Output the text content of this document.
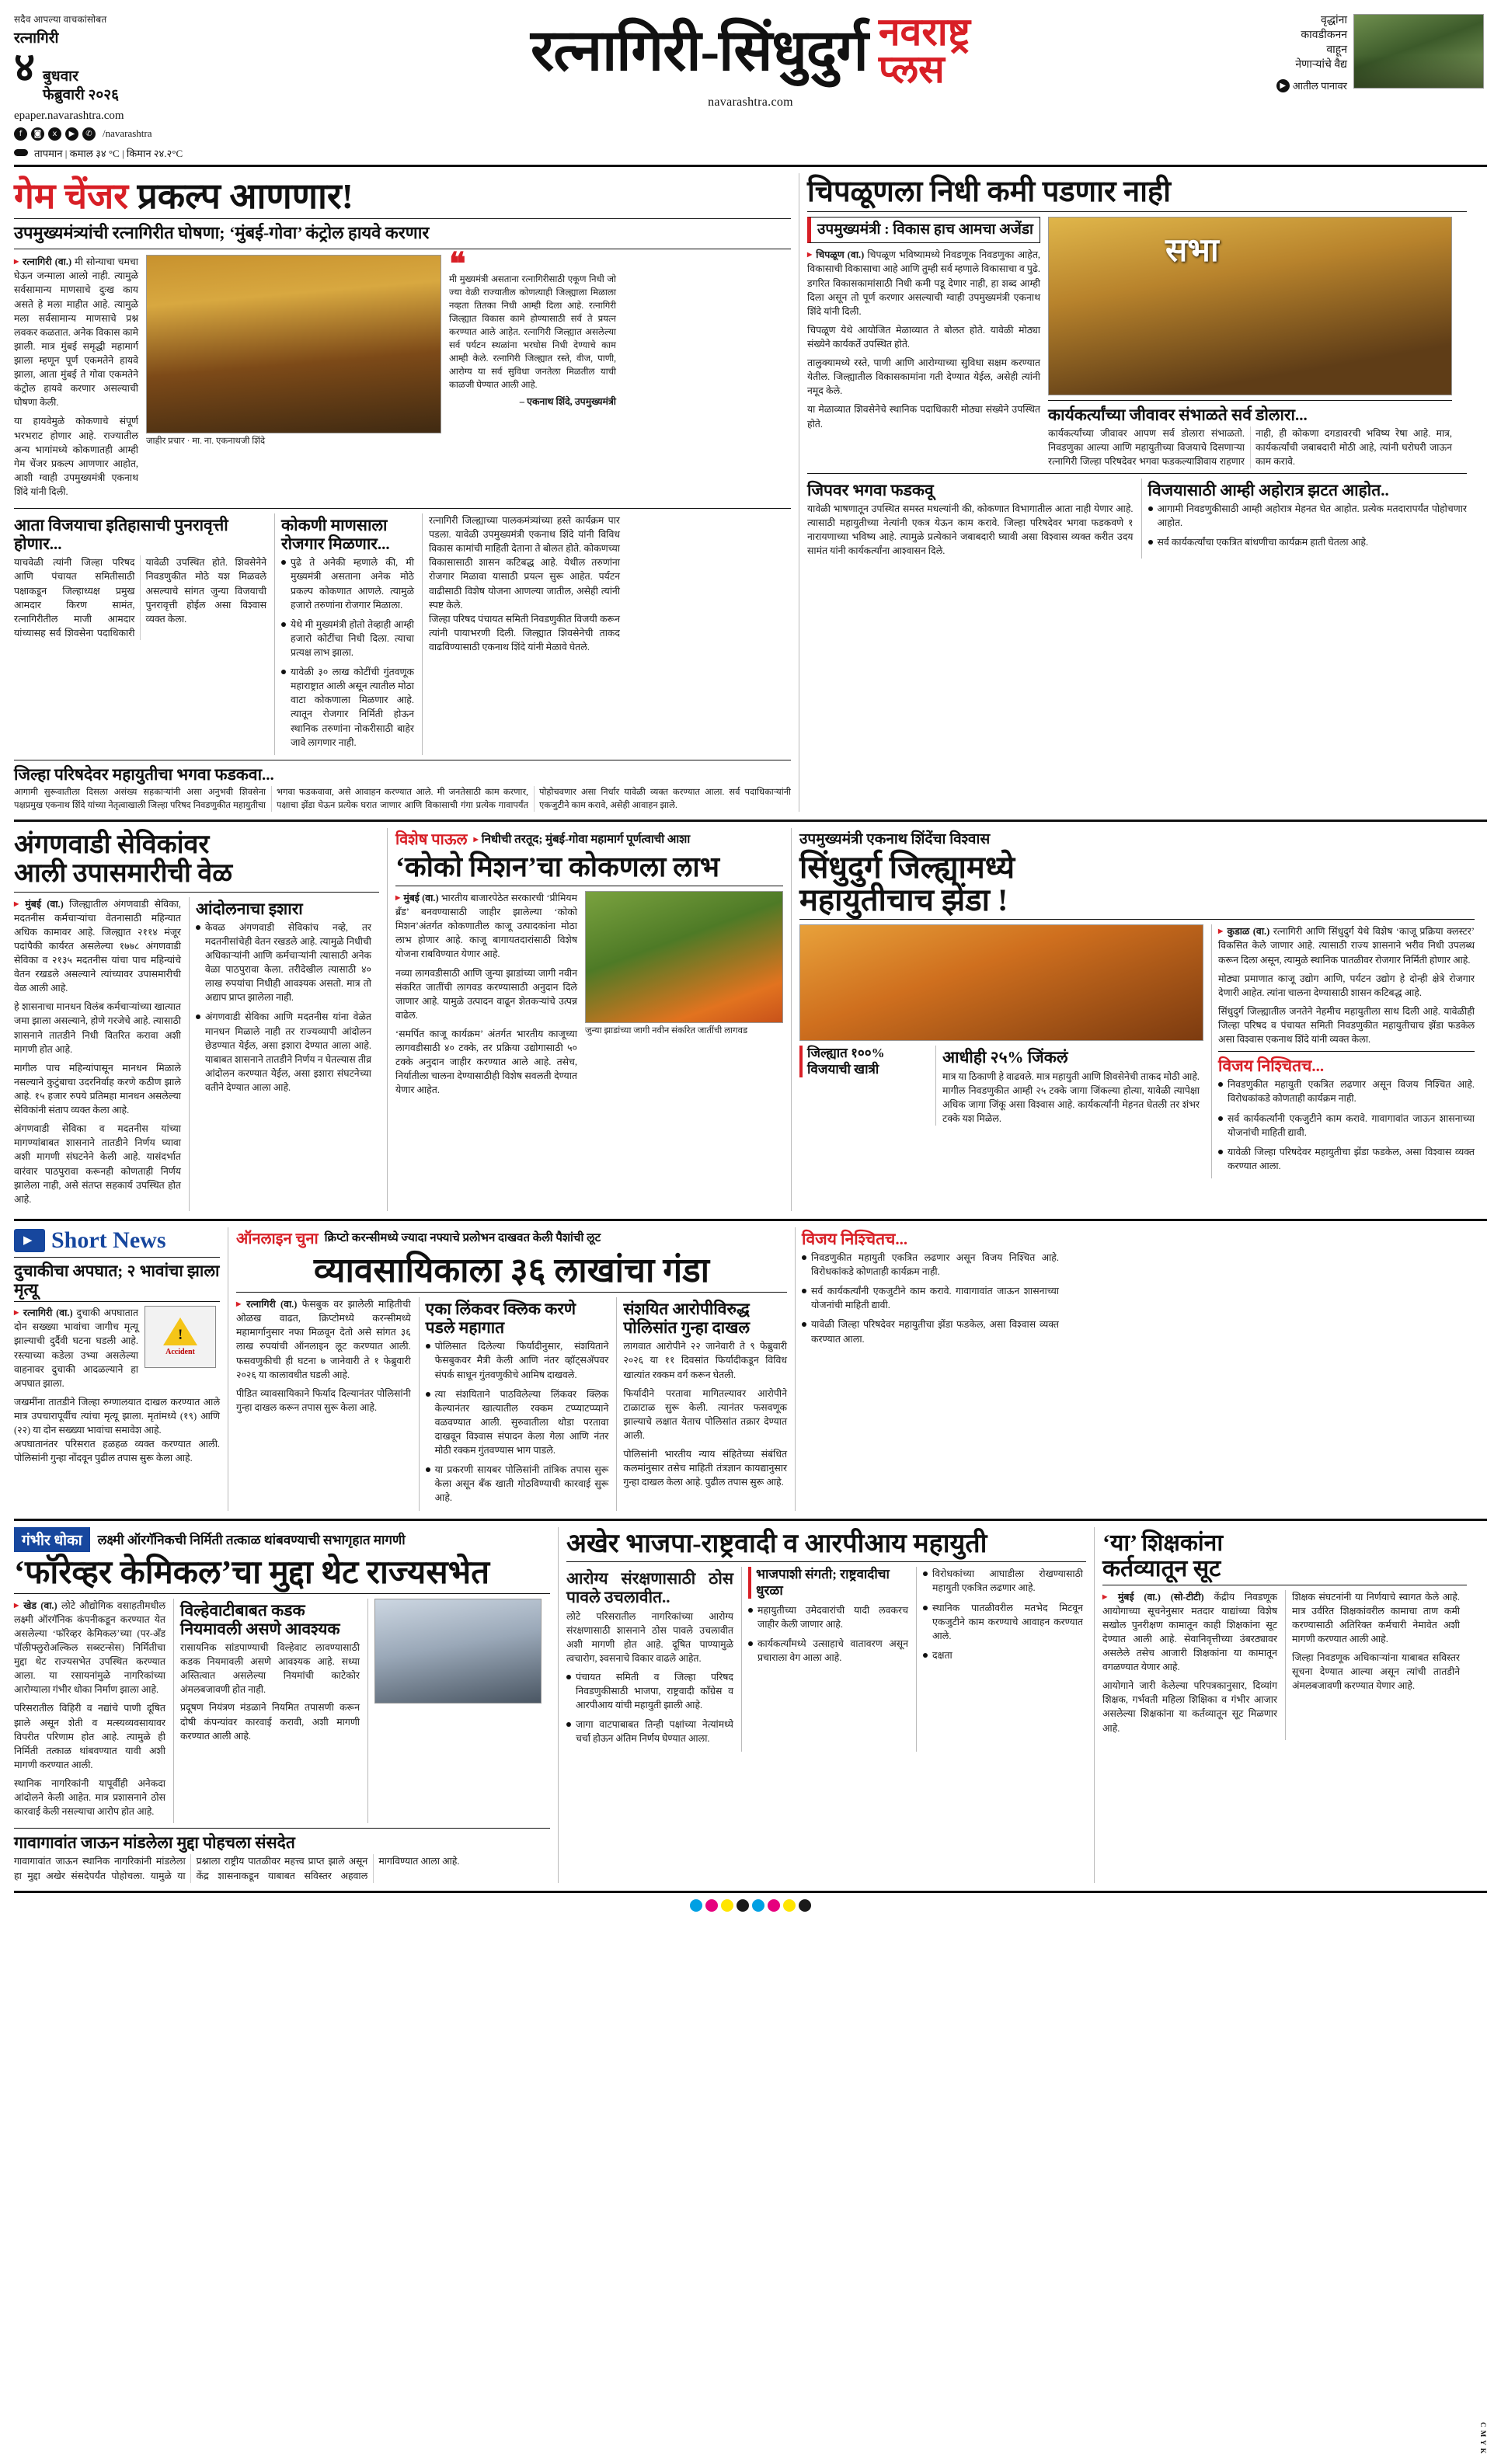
सदैव आपल्या वाचकांसोबत
रत्नागिरी
४ बुधवार
फेब्रुवारी २०२६
epaper.navarashtra.com
f	◙	x	▶	✆	/navarashtra
तापमान | कमाल ३४ °C | किमान २४.२°C
रत्नागिरी-सिंधुदुर्ग नवराष्ट्र
प्लस
navarashtra.com
वृद्धांना
कावडीकनन
वाहून
नेणाऱ्यांचे वैद्य
▶ आतील पानावर
गेम चेंजर प्रकल्प आणणार!
उपमुख्यमंत्र्यांची रत्नागिरीत घोषणा; ‘मुंबई-गोवा’ कंट्रोल हायवे करणार

▶ रत्नागिरी (वा.) मी सोन्याचा चमचा घेऊन जन्माला आलो नाही. त्यामुळे सर्वसामान्य माणसाचे दुःख काय असते हे मला माहीत आहे. त्यामुळे मला सर्वसामान्य माणसाचे प्रश्न लवकर कळतात. अनेक विकास कामे झाली. मात्र मुंबई समृद्धी महामार्ग झाला म्हणून पूर्ण एकमतेने हायवे झाला, आता मुंबई ते गोवा एकमतेने कंट्रोल हायवे करणार असल्याची घोषणा केली.

या हायवेमुळे कोकणाचे संपूर्ण भरभराट होणार आहे. राज्यातील अन्य भागांमध्ये कोकणातही आम्ही गेम चेंजर प्रकल्प आणणार आहोत, आशी ग्वाही उपमुख्यमंत्री एकनाथ शिंदे यांनी दिली.

जाहीर प्रचार · मा. ना. एकनाथजी शिंदे
❝
मी मुख्यमंत्री असताना रत्नागिरीसाठी एकूण निधी जो ज्या वेळी राज्यातील कोणत्याही जिल्ह्याला मिळाला नव्हता तितका निधी आम्ही दिला आहे. रत्नागिरी जिल्ह्यात विकास कामे होण्यासाठी सर्व ते प्रयत्न करण्यात आले आहेत. रत्नागिरी जिल्ह्यात असलेल्या सर्व पर्यटन स्थळांना भरघोस निधी देण्याचे काम आम्ही केले. रत्नागिरी जिल्ह्यात रस्ते, वीज, पाणी, आरोग्य या सर्व सुविधा जनतेला मिळतील याची काळजी घेण्यात आली आहे.
– एकनाथ शिंदे, उपमुख्यमंत्री
आता विजयाचा इतिहासाची पुनरावृत्ती होणार...
याचवेळी त्यांनी जिल्हा परिषद आणि पंचायत समितीसाठी पक्षाकडून जिल्हाध्यक्ष प्रमुख आमदार किरण सामंत, रत्नागिरीतील माजी आमदार यांच्यासह सर्व शिवसेना पदाधिकारी यावेळी उपस्थित होते. शिवसेनेने निवडणुकीत मोठे यश मिळवले असल्याचे सांगत जुन्या विजयाची पुनरावृत्ती होईल असा विश्वास व्यक्त केला.
कोकणी माणसाला रोजगार मिळणार...
पुढे ते अनेकी म्हणाले की, मी मुख्यमंत्री असताना अनेक मोठे प्रकल्प कोकणात आणले. त्यामुळे हजारो तरुणांना रोजगार मिळाला.
येथे मी मुख्यमंत्री होतो तेव्हाही आम्ही हजारो कोटींचा निधी दिला. त्याचा प्रत्यक्ष लाभ झाला.
यावेळी ३० लाख कोटींची गुंतवणूक महाराष्ट्रात आली असून त्यातील मोठा वाटा कोकणाला मिळणार आहे. त्यातून रोजगार निर्मिती होऊन स्थानिक तरुणांना नोकरीसाठी बाहेर जावे लागणार नाही.
रत्नागिरी जिल्ह्याच्या पालकमंत्र्यांच्या हस्ते कार्यक्रम पार पडला. यावेळी उपमुख्यमंत्री एकनाथ शिंदे यांनी विविध विकास कामांची माहिती देताना ते बोलत होते. कोकणच्या विकासासाठी शासन कटिबद्ध आहे. येथील तरुणांना रोजगार मिळावा यासाठी प्रयत्न सुरू आहेत. पर्यटन वाढीसाठी विशेष योजना आणल्या जातील, असेही त्यांनी स्पष्ट केले.
जिल्हा परिषद पंचायत समिती निवडणुकीत विजयी करून त्यांनी पायाभरणी दिली. जिल्ह्यात शिवसेनेची ताकद वाढविण्यासाठी एकनाथ शिंदे यांनी मेळावे घेतले.
जिल्हा परिषदेवर महायुतीचा भगवा फडकवा...
आगामी सुरूवातीला दिसला असंख्य सहकाऱ्यांनी असा अनुभवी शिवसेना पक्षप्रमुख एकनाथ शिंदे यांच्या नेतृत्वाखाली जिल्हा परिषद निवडणुकीत महायुतीचा भगवा फडकवावा, असे आवाहन करण्यात आले. मी जनतेसाठी काम करणार, पक्षाचा झेंडा घेऊन प्रत्येक घरात जाणार आणि विकासाची गंगा प्रत्येक गावापर्यंत पोहोचवणार असा निर्धार यावेळी व्यक्त करण्यात आला. सर्व पदाधिकाऱ्यांनी एकजुटीने काम करावे, असेही आवाहन झाले.
चिपळूणला निधी कमी पडणार नाही
उपमुख्यमंत्री : विकास हाच आमचा अजेंडा

▶ चिपळूण (वा.) चिपळूण भविष्यामध्ये निवडणूक निवडणुका आहेत, विकासाची विकासाचा आहे आणि तुम्ही सर्व म्हणाले विकासाचा व पुढे. डगरित विकासकामांसाठी निधी कमी पडू देणार नाही, हा शब्द आम्ही दिला असून तो पूर्ण करणार असल्याची ग्वाही उपमुख्यमंत्री एकनाथ शिंदे यांनी दिली.

चिपळूण येथे आयोजित मेळाव्यात ते बोलत होते. यावेळी मोठ्या संख्येने कार्यकर्ते उपस्थित होते.

तालुक्यामध्ये रस्ते, पाणी आणि आरोग्याच्या सुविधा सक्षम करण्यात येतील. जिल्ह्यातील विकासकामांना गती देण्यात येईल, असेही त्यांनी नमूद केले.

या मेळाव्यात शिवसेनेचे स्थानिक पदाधिकारी मोठ्या संख्येने उपस्थित होते.

सभा
कार्यकर्त्यांच्या जीवावर संभाळते सर्व डोलारा...
कार्यकर्त्यांच्या जीवावर आपण सर्व डोलारा संभाळतो. निवडणुका आल्या आणि महायुतीच्या विजयाचे दिसणाऱ्या रत्नागिरी जिल्हा परिषदेवर भगवा फडकल्याशिवाय राहणार नाही, ही कोकणा दगडावरची भविष्य रेषा आहे. मात्र, कार्यकर्त्यांची जबाबदारी मोठी आहे, त्यांनी घरोघरी जाऊन काम करावे.
जिपवर भगवा फडकवू
यावेळी भाषणातून उपस्थित समस्त मधल्यांनी की, कोकणात विभागातील आता नाही येणार आहे. त्यासाठी महायुतीच्या नेत्यांनी एकत्र येऊन काम करावे. जिल्हा परिषदेवर भगवा फडकवणे १ नारायणाच्या भविष्य आहे. त्यामुळे प्रत्येकाने जबाबदारी घ्यावी असा विश्वास व्यक्त करीत उदय सामंत यांनी कार्यकर्त्यांना आश्वासन दिले.
विजयासाठी आम्ही अहोरात्र झटत आहोत..
आगामी निवडणुकीसाठी आम्ही अहोरात्र मेहनत घेत आहोत. प्रत्येक मतदारापर्यंत पोहोचणार आहोत.
सर्व कार्यकर्त्यांचा एकत्रित बांधणीचा कार्यक्रम हाती घेतला आहे.
अंगणवाडी सेविकांवर
आली उपासमारीची वेळ

▶ मुंबई (वा.) जिल्ह्यातील अंगणवाडी सेविका, मदतनीस कर्मचाऱ्यांचा वेतनासाठी महिन्यात अधिक कामावर आहे. जिल्ह्यात २११४ मंजूर पदांपैकी कार्यरत असलेल्या १७७८ अंगणवाडी सेविका व २१३५ मदतनीस यांचा पाच महिन्यांचे वेतन रखडले असल्याने त्यांच्यावर उपासमारीची वेळ आली आहे.

हे शासनाचा मानधन विलंब कर्मचाऱ्यांच्या खात्यात जमा झाला असल्याने, होणे गरजेचे आहे. त्यासाठी शासनाने तातडीने निधी वितरित करावा अशी मागणी होत आहे.

मागील पाच महिन्यांपासून मानधन मिळाले नसल्याने कुटुंबाचा उदरनिर्वाह करणे कठीण झाले आहे. १५ हजार रुपये प्रतिमहा मानधन असलेल्या सेविकांनी संताप व्यक्त केला आहे.

अंगणवाडी सेविका व मदतनीस यांच्या मागण्यांबाबत शासनाने तातडीने निर्णय घ्यावा अशी मागणी संघटनेने केली आहे. यासंदर्भात वारंवार पाठपुरावा करूनही कोणताही निर्णय झालेला नाही, असे संतप्त सहकार्य उपस्थित होत आहे.

आंदोलनाचा इशारा
केवळ अंगणवाडी सेविकांच नव्हे, तर मदतनीसांचेही वेतन रखडले आहे. त्यामुळे निधीची अधिकाऱ्यांनी आणि कर्मचाऱ्यांनी त्यासाठी अनेक वेळा पाठपुरावा केला. तरीदेखील त्यासाठी ४० लाख रुपयांचा निधीही आवश्यक असतो. मात्र तो अद्याप प्राप्त झालेला नाही.
अंगणवाडी सेविका आणि मदतनीस यांना वेळेत मानधन मिळाले नाही तर राज्यव्यापी आंदोलन छेडण्यात येईल, असा इशारा देण्यात आला आहे. याबाबत शासनाने तातडीने निर्णय न घेतल्यास तीव्र आंदोलन करण्यात येईल, असा इशारा संघटनेच्या वतीने देण्यात आला आहे.
विशेष पाऊल	▶ निधीची तरतूद; मुंबई-गोवा महामार्ग पूर्णत्वाची आशा
‘कोको मिशन’चा कोकणला लाभ

▶ मुंबई (वा.) भारतीय बाजारपेठेत सरकारची ‘प्रीमियम ब्रँड’ बनवण्यासाठी जाहीर झालेल्या ‘कोको मिशन’अंतर्गत कोकणातील काजू उत्पादकांना मोठा लाभ होणार आहे. काजू बागायतदारांसाठी विशेष योजना राबविण्यात येणार आहे.

नव्या लागवडीसाठी आणि जुन्या झाडांच्या जागी नवीन संकरित जातींची लागवड करण्यासाठी अनुदान दिले जाणार आहे. यामुळे उत्पादन वाढून शेतकऱ्यांचे उत्पन्न वाढेल.

‘समर्पित काजू कार्यक्रम’ अंतर्गत भारतीय काजूच्या लागवडीसाठी ४० टक्के, तर प्रक्रिया उद्योगासाठी ५० टक्के अनुदान जाहीर करण्यात आले आहे. तसेच, निर्यातीला चालना देण्यासाठीही विशेष सवलती देण्यात येणार आहेत.

जुन्या झाडांच्या जागी नवीन संकरित जातींची लागवड
उपमुख्यमंत्री एकनाथ शिंदेंचा विश्वास
सिंधुदुर्ग जिल्ह्यामध्ये
महायुतीचाच झेंडा !
जिल्ह्यात १००% विजयाची खात्री
आधीही २५% जिंकलं
मात्र या ठिकाणी हे वाढवले. मात्र महायुती आणि शिवसेनेची ताकद मोठी आहे. मागील निवडणुकीत आम्ही २५ टक्के जागा जिंकल्या होत्या, यावेळी त्यापेक्षा अधिक जागा जिंकू असा विश्वास आहे. कार्यकर्त्यांनी मेहनत घेतली तर शंभर टक्के यश मिळेल.

▶ कुडाळ (वा.) रत्नागिरी आणि सिंधुदुर्ग येथे विशेष ‘काजू प्रक्रिया क्लस्टर’ विकसित केले जाणार आहे. त्यासाठी राज्य शासनाने भरीव निधी उपलब्ध करून दिला असून, त्यामुळे स्थानिक पातळीवर रोजगार निर्मिती होणार आहे.

मोठ्या प्रमाणात काजू उद्योग आणि, पर्यटन उद्योग हे दोन्ही क्षेत्रे रोजगार देणारी आहेत. त्यांना चालना देण्यासाठी शासन कटिबद्ध आहे.

सिंधुदुर्ग जिल्ह्यातील जनतेने नेहमीच महायुतीला साथ दिली आहे. यावेळीही जिल्हा परिषद व पंचायत समिती निवडणुकीत महायुतीचाच झेंडा फडकेल असा विश्वास एकनाथ शिंदे यांनी व्यक्त केला.

विजय निश्चितच...
निवडणुकीत महायुती एकत्रित लढणार असून विजय निश्चित आहे. विरोधकांकडे कोणताही कार्यक्रम नाही.
सर्व कार्यकर्त्यांनी एकजुटीने काम करावे. गावागावांत जाऊन शासनाच्या योजनांची माहिती द्यावी.
यावेळी जिल्हा परिषदेवर महायुतीचा झेंडा फडकेल, असा विश्वास व्यक्त करण्यात आला.
▶
Short News
दुचाकीचा अपघात; २ भावांचा झाला मृत्यू

▶ रत्नागिरी (वा.) दुचाकी अपघातात दोन सख्ख्या भावांचा जागीच मृत्यू झाल्याची दुर्दैवी घटना घडली आहे. रस्त्याच्या कडेला उभ्या असलेल्या वाहनावर दुचाकी आदळल्याने हा अपघात झाला.

!
Accident
जखमींना तातडीने जिल्हा रुग्णालयात दाखल करण्यात आले मात्र उपचारापूर्वीच त्यांचा मृत्यू झाला. मृतांमध्ये (१९) आणि (२२) या दोन सख्ख्या भावांचा समावेश आहे.
अपघातानंतर परिसरात हळहळ व्यक्त करण्यात आली. पोलिसांनी गुन्हा नोंदवून पुढील तपास सुरू केला आहे.
ऑनलाइन चुना क्रिप्टो करन्सीमध्ये ज्यादा नफ्याचे प्रलोभन दाखवत केली पैशांची लूट
व्यावसायिकाला ३६ लाखांचा गंडा

▶ रत्नागिरी (वा.) फेसबुक वर झालेली माहितीची ओळख वाढत, क्रिप्टोमध्ये करन्सीमध्ये महामार्गानुसार नफा मिळवून देतो असे सांगत ३६ लाख रुपयांची ऑनलाइन लूट करण्यात आली. फसवणुकीची ही घटना ७ जानेवारी ते १ फेब्रुवारी २०२६ या कालावधीत घडली आहे.

पीडित व्यावसायिकाने फिर्याद दिल्यानंतर पोलिसांनी गुन्हा दाखल करून तपास सुरू केला आहे.

एका लिंकवर क्लिक करणे पडले महागात
पोलिसात दिलेल्या फिर्यादीनुसार, संशयिताने फेसबुकवर मैत्री केली आणि नंतर व्हॉट्सअ‍ॅपवर संपर्क साधून गुंतवणुकीचे आमिष दाखवले.
त्या संशयिताने पाठविलेल्या लिंकवर क्लिक केल्यानंतर खात्यातील रक्कम टप्प्याटप्प्याने वळवण्यात आली. सुरुवातीला थोडा परतावा दाखवून विश्वास संपादन केला गेला आणि नंतर मोठी रक्कम गुंतवण्यास भाग पाडले.
या प्रकरणी सायबर पोलिसांनी तांत्रिक तपास सुरू केला असून बँक खाती गोठविण्याची कारवाई सुरू आहे.
संशयित आरोपीविरुद्ध पोलिसांत गुन्हा दाखल

लागवात आरोपीने २२ जानेवारी ते ९ फेब्रुवारी २०२६ या ११ दिवसांत फिर्यादीकडून विविध खात्यांत रक्कम वर्ग करून घेतली.

फिर्यादीने परतावा मागितल्यावर आरोपीने टाळाटाळ सुरू केली. त्यानंतर फसवणूक झाल्याचे लक्षात येताच पोलिसांत तक्रार देण्यात आली.

पोलिसांनी भारतीय न्याय संहितेच्या संबंधित कलमांनुसार तसेच माहिती तंत्रज्ञान कायद्यानुसार गुन्हा दाखल केला आहे. पुढील तपास सुरू आहे.

विजय निश्चितच...
निवडणुकीत महायुती एकत्रित लढणार असून विजय निश्चित आहे. विरोधकांकडे कोणताही कार्यक्रम नाही.
सर्व कार्यकर्त्यांनी एकजुटीने काम करावे. गावागावांत जाऊन शासनाच्या योजनांची माहिती द्यावी.
यावेळी जिल्हा परिषदेवर महायुतीचा झेंडा फडकेल, असा विश्वास व्यक्त करण्यात आला.
गंभीर धोका	लक्ष्मी ऑरगॅनिकची निर्मिती तत्काळ थांबवण्याची सभागृहात मागणी
‘फॉरेव्हर केमिकल’चा मुद्दा थेट राज्यसभेत

▶ खेड (वा.) लोटे औद्योगिक वसाहतीमधील लक्ष्मी ऑरगॅनिक कंपनीकडून करण्यात येत असलेल्या ‘फॉरेव्हर केमिकल’च्या (पर-अँड पॉलीफ्लुरोअल्किल सब्स्टन्सेस) निर्मितीचा मुद्दा थेट राज्यसभेत उपस्थित करण्यात आला. या रसायनांमुळे नागरिकांच्या आरोग्याला गंभीर धोका निर्माण झाला आहे.

परिसरातील विहिरी व नद्यांचे पाणी दूषित झाले असून शेती व मत्स्यव्यवसायावर विपरीत परिणाम होत आहे. त्यामुळे ही निर्मिती तत्काळ थांबवण्यात यावी अशी मागणी करण्यात आली.

स्थानिक नागरिकांनी यापूर्वीही अनेकदा आंदोलने केली आहेत. मात्र प्रशासनाने ठोस कारवाई केली नसल्याचा आरोप होत आहे.

विल्हेवाटीबाबत कडक नियमावली असणे आवश्यक
रासायनिक सांडपाण्याची विल्हेवाट लावण्यासाठी कडक नियमावली असणे आवश्यक आहे. सध्या अस्तित्वात असलेल्या नियमांची काटेकोर अंमलबजावणी होत नाही.
प्रदूषण नियंत्रण मंडळाने नियमित तपासणी करून दोषी कंपन्यांवर कारवाई करावी, अशी मागणी करण्यात आली आहे.
गावागावांत जाऊन मांडलेला मुद्दा पोहचला संसदेत
गावागावांत जाऊन स्थानिक नागरिकांनी मांडलेला हा मुद्दा अखेर संसदेपर्यंत पोहोचला. यामुळे या प्रश्नाला राष्ट्रीय पातळीवर महत्त्व प्राप्त झाले असून केंद्र शासनाकडून याबाबत सविस्तर अहवाल मागविण्यात आला आहे.
अखेर भाजपा-राष्ट्रवादी व आरपीआय महायुती
आरोग्य संरक्षणासाठी ठोस पावले उचलावीत..

लोटे परिसरातील नागरिकांच्या आरोग्य संरक्षणासाठी शासनाने ठोस पावले उचलावीत अशी मागणी होत आहे. दूषित पाण्यामुळे त्वचारोग, श्वसनाचे विकार वाढले आहेत.

पंचायत समिती व जिल्हा परिषद निवडणुकीसाठी भाजपा, राष्ट्रवादी काँग्रेस व आरपीआय यांची महायुती झाली आहे.
जागा वाटपाबाबत तिन्ही पक्षांच्या नेत्यांमध्ये चर्चा होऊन अंतिम निर्णय घेण्यात आला.
भाजपाशी संगती; राष्ट्रवादीचा धुरळा
महायुतीच्या उमेदवारांची यादी लवकरच जाहीर केली जाणार आहे.
कार्यकर्त्यांमध्ये उत्साहाचे वातावरण असून प्रचाराला वेग आला आहे.
विरोधकांच्या आघाडीला रोखण्यासाठी महायुती एकत्रित लढणार आहे.
स्थानिक पातळीवरील मतभेद मिटवून एकजुटीने काम करण्याचे आवाहन करण्यात आले.
दक्षता
‘या’ शिक्षकांना
कर्तव्यातून सूट

▶ मुंबई (वा.) (सो-टीटी) केंद्रीय निवडणूक आयोगाच्या सूचनेनुसार मतदार याद्यांच्या विशेष सखोल पुनरीक्षण कामातून काही शिक्षकांना सूट देण्यात आली आहे. सेवानिवृत्तीच्या उंबरठ्यावर असलेले तसेच आजारी शिक्षकांना या कामातून वगळण्यात येणार आहे.

आयोगाने जारी केलेल्या परिपत्रकानुसार, दिव्यांग शिक्षक, गर्भवती महिला शिक्षिका व गंभीर आजार असलेल्या शिक्षकांना या कर्तव्यातून सूट मिळणार आहे.

शिक्षक संघटनांनी या निर्णयाचे स्वागत केले आहे. मात्र उर्वरित शिक्षकांवरील कामाचा ताण कमी करण्यासाठी अतिरिक्त कर्मचारी नेमावेत अशी मागणी करण्यात आली आहे.

जिल्हा निवडणूक अधिकाऱ्यांना याबाबत सविस्तर सूचना देण्यात आल्या असून त्यांची तातडीने अंमलबजावणी करण्यात येणार आहे.

C M Y K
